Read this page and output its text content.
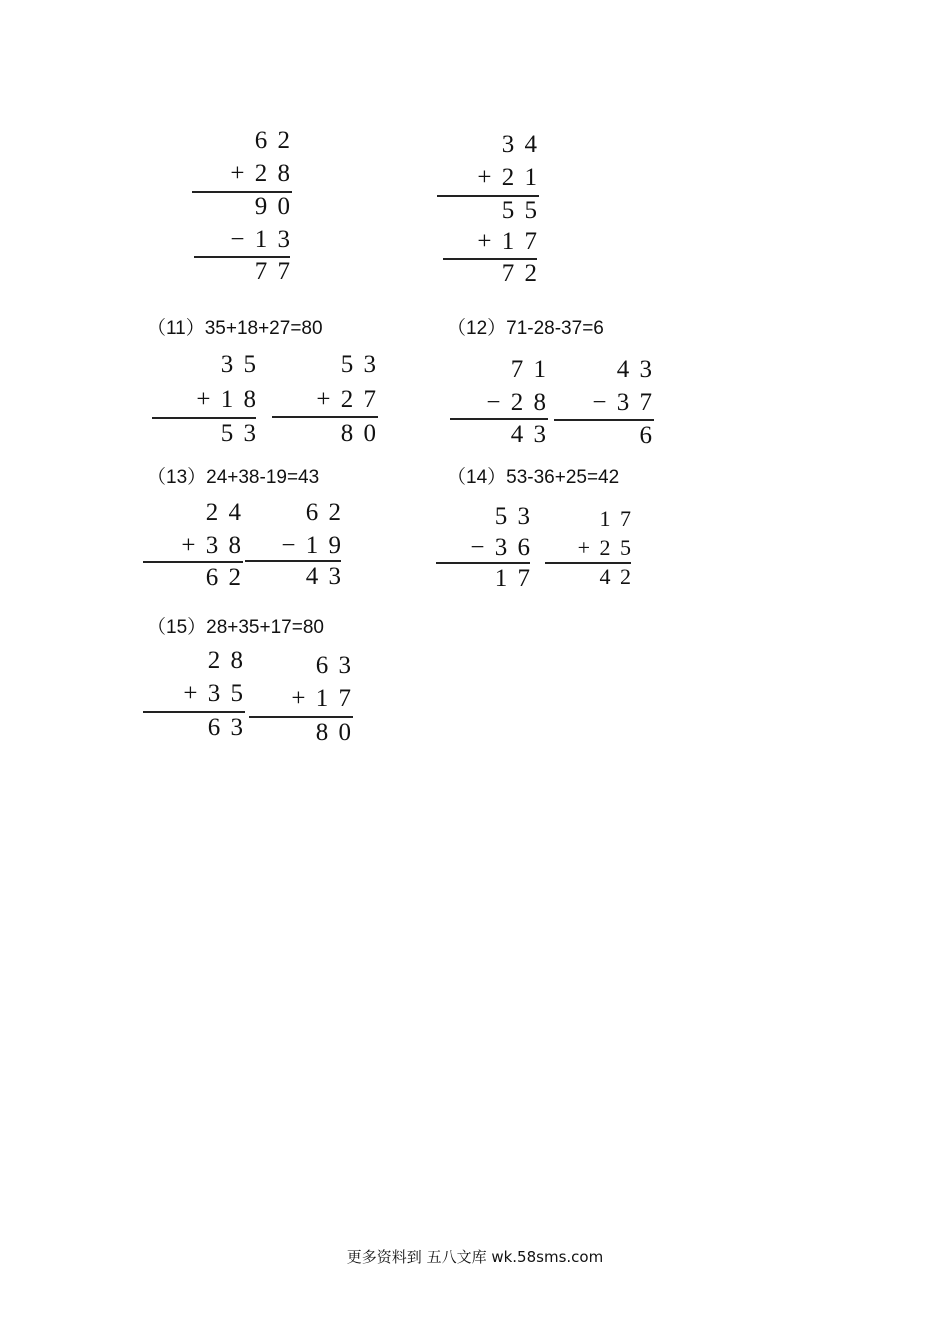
6 2
+ 2 8
9 0
− 1 3
7 7
3 4
+ 2 1
5 5
+ 1 7
7 2
（11）35+18+27=80
3 5
+ 1 8
5 3
5 3
+ 2 7
8 0
（12）71-28-37=6
7 1
− 2 8
4 3
4 3
− 3 7
6
（13）24+38-19=43
2 4
+ 3 8
6 2
6 2
− 1 9
4 3
（14）53-36+25=42
5 3
− 3 6
1 7
1 7
+ 2 5
4 2
（15）28+35+17=80
2 8
+ 3 5
6 3
6 3
+ 1 7
8 0
更多资料到 五八文库 wk.58sms.com
